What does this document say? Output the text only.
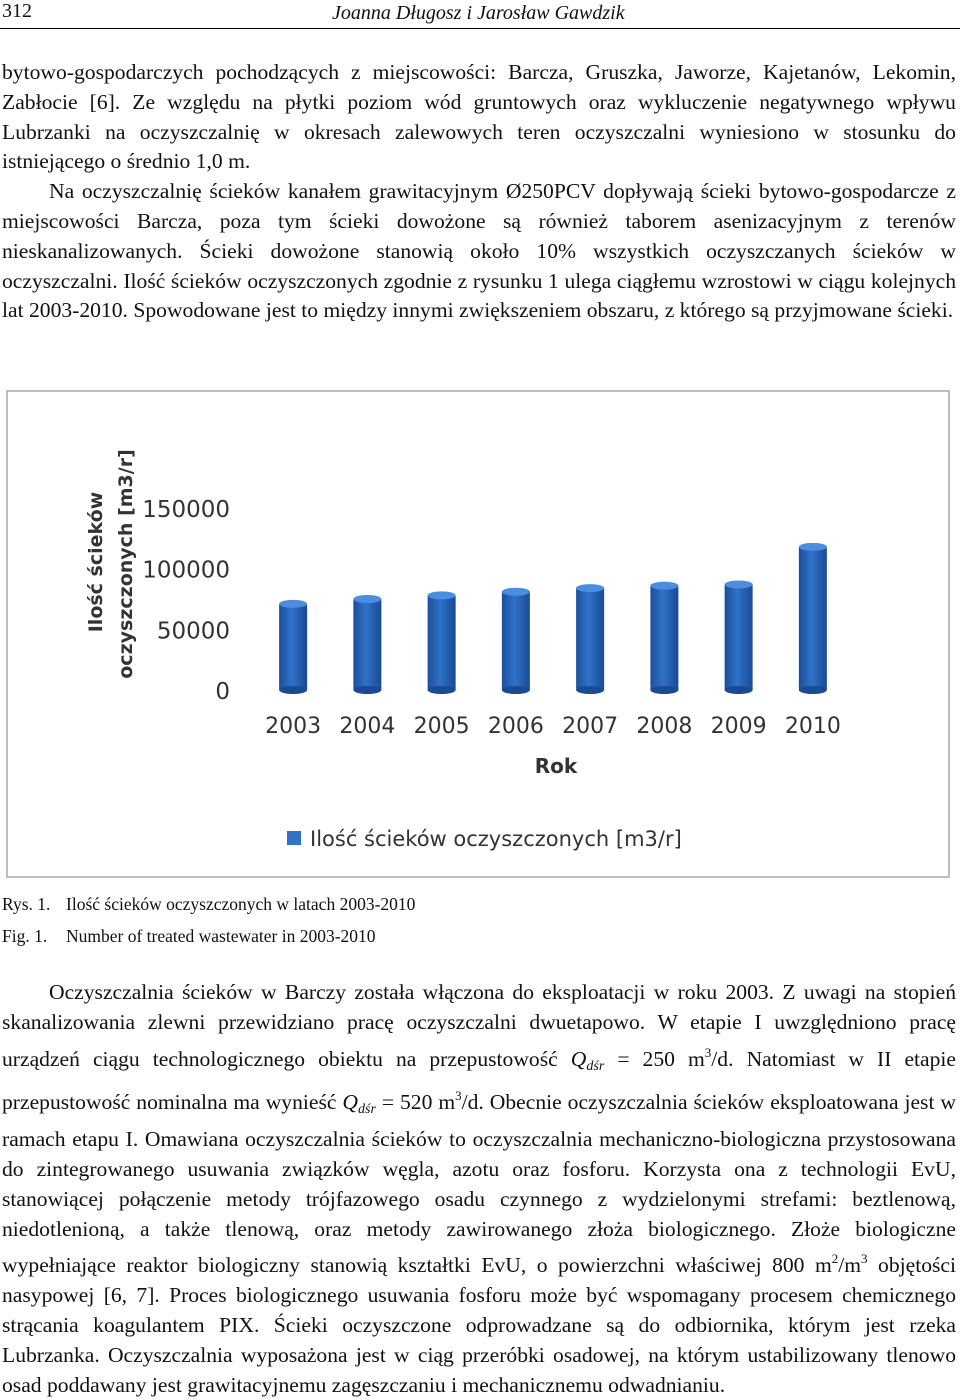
312	Joanna Długosz i Jarosław Gawdzik

bytowo-gospodarczych pochodzących z miejscowości: Barcza, Gruszka, Jaworze, Kajetanów, Lekomin, Zabłocie [6]. Ze względu na płytki poziom wód gruntowych oraz wykluczenie negatywnego wpływu Lubrzanki na oczyszczalnię w okresach zalewowych teren oczyszczalni wyniesiono w stosunku do istniejącego o średnio 1,0 m.

Na oczyszczalnię ścieków kanałem grawitacyjnym Ø250PCV dopływają ścieki bytowo-gospodarcze z miejscowości Barcza, poza tym ścieki dowożone są również taborem asenizacyjnym z terenów nieskanalizowanych. Ścieki dowożone stanowią około 10% wszystkich oczyszczanych ścieków w oczyszczalni. Ilość ścieków oczyszczonych zgodnie z rysunku 1 ulega ciągłemu wzrostowi w ciągu kolejnych lat 2003-2010. Spowodowane jest to między innymi zwiększeniem obszaru, z którego są przyjmowane ścieki.

0
50000
100000
150000
Ilość ścieków oczyszczonych [m3/r]
2003 2004 2005 2006 2007 2008 2009 2010
Rok
Ilość ścieków oczyszczonych [m3/r]
Rys. 1. Ilość ścieków oczyszczonych w latach 2003-2010
Fig. 1. Number of treated wastewater in 2003-2010

Oczyszczalnia ścieków w Barczy została włączona do eksploatacji w roku 2003. Z uwagi na stopień skanalizowania zlewni przewidziano pracę oczyszczalni dwuetapowo. W etapie I uwzględniono pracę urządzeń ciągu technologicznego obiektu na przepustowość $Q_{dśr} = 250$ $m^3/d$. Natomiast w II etapie przepustowość nominalna ma wynieść $Q_{dśr} = 520$ $m^3/d$. Obecnie oczyszczalnia ścieków eksploatowana jest w ramach etapu I. Omawiana oczyszczalnia ścieków to oczyszczalnia mechaniczno-biologiczna przystosowana do zintegrowanego usuwania związków węgla, azotu oraz fosforu. Korzysta ona z technologii EvU, stanowiącej połączenie metody trójfazowego osadu czynnego z wydzielonymi strefami: beztlenową, niedotlenioną, a także tlenową, oraz metody zawirowanego złoża biologicznego. Złoże biologiczne wypełniające reaktor biologiczny stanowią kształtki EvU, o powierzchni właściwej 800 $m^2/m^3$ objętości nasypowej [6, 7]. Proces biologicznego usuwania fosforu może być wspomagany procesem chemicznego strącania koagulantem PIX. Ścieki oczyszczone odprowadzane są do odbiornika, którym jest rzeka Lubrzanka. Oczyszczalnia wyposażona jest w ciąg przeróbki osadowej, na którym ustabilizowany tlenowo osad poddawany jest grawitacyjnemu zagęszczaniu i mechanicznemu odwadnianiu.
